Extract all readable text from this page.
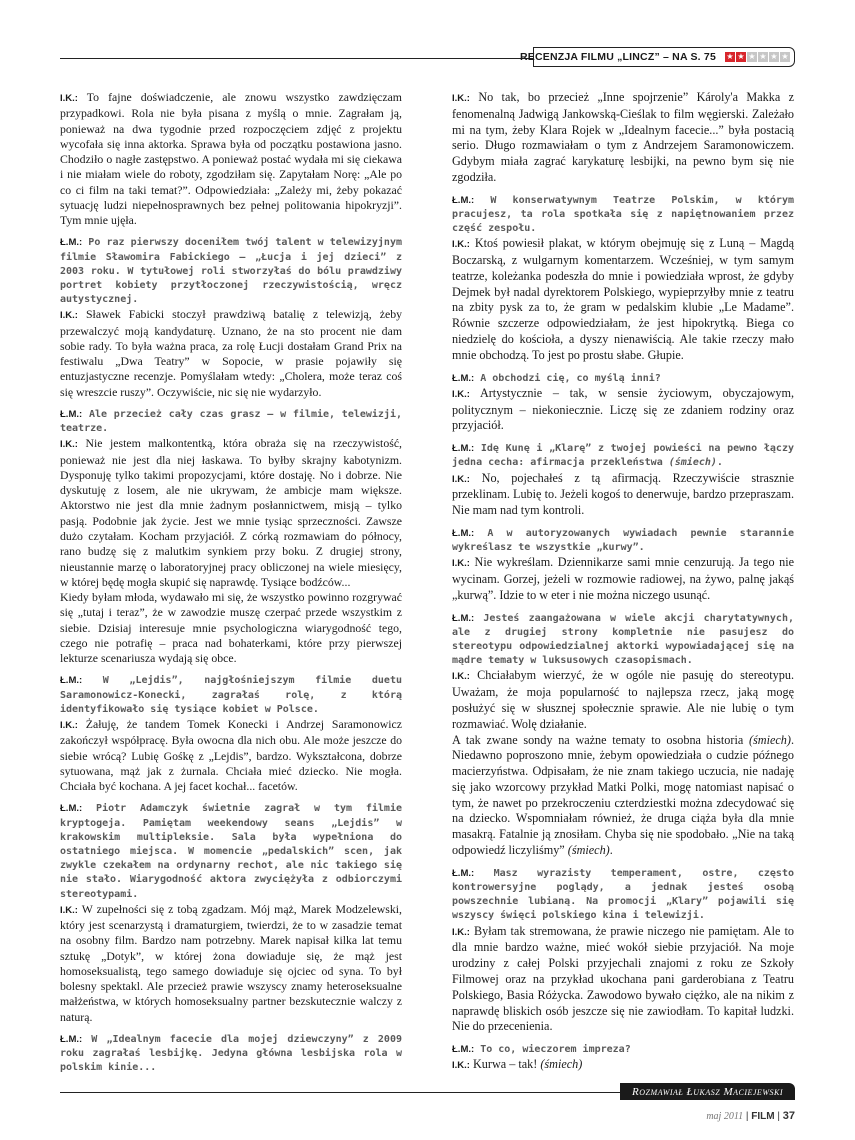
RECENZJA FILMU „LINCZ” – NA S. 75 ★ ★ ★ ★ ★ ★

I.K.: To fajne doświadczenie, ale znowu wszystko zawdzięczam przypadkowi. Rola nie była pisana z myślą o mnie. Zagrałam ją, ponieważ na dwa tygodnie przed rozpoczęciem zdjęć z projektu wycofała się inna aktorka. Sprawa była od początku postawiona jasno. Chodziło o nagłe zastępstwo. A ponieważ postać wydała mi się ciekawa i nie miałam wiele do roboty, zgodziłam się. Zapytałam Norę: „Ale po co ci film na taki temat?”. Odpowiedziała: „Zależy mi, żeby pokazać sytuację ludzi niepełnosprawnych bez pełnej politowania hipokryzji”. Tym mnie ujęła.

Ł.M.: Po raz pierwszy doceniłem twój talent w telewizyjnym filmie Sławomira Fabickiego – „Łucja i jej dzieci” z 2003 roku. W tytułowej roli stworzyłaś do bólu prawdziwy portret kobiety przytłoczonej rzeczywistością, wręcz autystycznej.

I.K.: Sławek Fabicki stoczył prawdziwą batalię z telewizją, żeby przewalczyć moją kandydaturę. Uznano, że na sto procent nie dam sobie rady. To była ważna praca, za rolę Łucji dostałam Grand Prix na festiwalu „Dwa Teatry” w Sopocie, w prasie pojawiły się entuzjastyczne recenzje. Pomyślałam wtedy: „Cholera, może teraz coś się wreszcie ruszy”. Oczywiście, nic się nie wydarzyło.

Ł.M.: Ale przecież cały czas grasz – w filmie, telewizji, teatrze.

I.K.: Nie jestem malkontentką, która obraża się na rzeczywistość, ponieważ nie jest dla niej łaskawa. To byłby skrajny kabotynizm. Dysponuję tylko takimi propozycjami, które dostaję. No i dobrze. Nie dyskutuję z losem, ale nie ukrywam, że ambicje mam większe. Aktorstwo nie jest dla mnie żadnym posłannictwem, misją – tylko pasją. Podobnie jak życie. Jest we mnie tysiąc sprzeczności. Zawsze dużo czytałam. Kocham przyjaciół. Z córką rozmawiam do północy, rano budzę się z malutkim synkiem przy boku. Z drugiej strony, nieustannie marzę o laboratoryjnej pracy obliczonej na wiele miesięcy, w której będę mogła skupić się naprawdę. Tysiące bodźców...

Kiedy byłam młoda, wydawało mi się, że wszystko powinno rozgrywać się „tutaj i teraz”, że w zawodzie muszę czerpać przede wszystkim z siebie. Dzisiaj interesuje mnie psychologiczna wiarygodność tego, czego nie potrafię – praca nad bohaterkami, które przy pierwszej lekturze scenariusza wydają się obce.

Ł.M.: W „Lejdis”, najgłośniejszym filmie duetu Saramonowicz-Konecki, zagrałaś rolę, z którą identyfikowało się tysiące kobiet w Polsce.

I.K.: Żałuję, że tandem Tomek Konecki i Andrzej Saramonowicz zakończył współpracę. Była owocna dla nich obu. Ale może jeszcze do siebie wrócą? Lubię Gośkę z „Lejdis”, bardzo. Wykształcona, dobrze sytuowana, mąż jak z żurnala. Chciała mieć dziecko. Nie mogła. Chciała być kochana. A jej facet kochał... facetów.

Ł.M.: Piotr Adamczyk świetnie zagrał w tym filmie kryptogeja. Pamiętam weekendowy seans „Lejdis” w krakowskim multipleksie. Sala była wypełniona do ostatniego miejsca. W momencie „pedalskich” scen, jak zwykle czekałem na ordynarny rechot, ale nic takiego się nie stało. Wiarygodność aktora zwyciężyła z odbiorczymi stereotypami.

I.K.: W zupełności się z tobą zgadzam. Mój mąż, Marek Modzelewski, który jest scenarzystą i dramaturgiem, twierdzi, że to w zasadzie temat na osobny film. Bardzo nam potrzebny. Marek napisał kilka lat temu sztukę „Dotyk”, w której żona dowiaduje się, że mąż jest homoseksualistą, tego samego dowiaduje się ojciec od syna. To był bolesny spektakl. Ale przecież prawie wszyscy znamy heteroseksualne małżeństwa, w których homoseksualny partner bezskutecznie walczy z naturą.

Ł.M.: W „Idealnym facecie dla mojej dziewczyny” z 2009 roku zagrałaś lesbijkę. Jedyna główna lesbijska rola w polskim kinie...

I.K.: No tak, bo przecież „Inne spojrzenie” Károly'a Makka z fenomenalną Jadwigą Jankowską-Cieślak to film węgierski. Zależało mi na tym, żeby Klara Rojek w „Idealnym facecie...” była postacią serio. Długo rozmawiałam o tym z Andrzejem Saramonowiczem. Gdybym miała zagrać karykaturę lesbijki, na pewno bym się nie zgodziła.

Ł.M.: W konserwatywnym Teatrze Polskim, w którym pracujesz, ta rola spotkała się z napiętnowaniem przez część zespołu.

I.K.: Ktoś powiesił plakat, w którym obejmuję się z Luną – Magdą Boczarską, z wulgarnym komentarzem. Wcześniej, w tym samym teatrze, koleżanka podeszła do mnie i powiedziała wprost, że gdyby Dejmek był nadal dyrektorem Polskiego, wypieprzyłby mnie z teatru na zbity pysk za to, że gram w pedalskim klubie „Le Madame”. Równie szczerze odpowiedziałam, że jest hipokrytką. Biega co niedzielę do kościoła, a dyszy nienawiścią. Ale takie rzeczy mało mnie obchodzą. To jest po prostu słabe. Głupie.

Ł.M.: A obchodzi cię, co myślą inni?

I.K.: Artystycznie – tak, w sensie życiowym, obyczajowym, politycznym – niekoniecznie. Liczę się ze zdaniem rodziny oraz przyjaciół.

Ł.M.: Idę Kunę i „Klarę” z twojej powieści na pewno łączy jedna cecha: afirmacja przekleństwa (śmiech).

I.K.: No, pojechałeś z tą afirmacją. Rzeczywiście strasznie przeklinam. Lubię to. Jeżeli kogoś to denerwuje, bardzo przepraszam. Nie mam nad tym kontroli.

Ł.M.: A w autoryzowanych wywiadach pewnie starannie wykreślasz te wszystkie „kurwy”.

I.K.: Nie wykreślam. Dziennikarze sami mnie cenzurują. Ja tego nie wycinam. Gorzej, jeżeli w rozmowie radiowej, na żywo, palnę jakąś „kurwą”. Idzie to w eter i nie można niczego usunąć.

Ł.M.: Jesteś zaangażowana w wiele akcji charytatywnych, ale z drugiej strony kompletnie nie pasujesz do stereotypu odpowiedzialnej aktorki wypowiadającej się na mądre tematy w luksusowych czasopismach.

I.K.: Chciałabym wierzyć, że w ogóle nie pasuję do stereotypu. Uważam, że moja popularność to najlepsza rzecz, jaką mogę posłużyć się w słusznej społecznie sprawie. Ale nie lubię o tym rozmawiać. Wolę działanie.

A tak zwane sondy na ważne tematy to osobna historia (śmiech). Niedawno poproszono mnie, żebym opowiedziała o cudzie późnego macierzyństwa. Odpisałam, że nie znam takiego uczucia, nie nadaję się jako wzorcowy przykład Matki Polki, mogę natomiast napisać o tym, że nawet po przekroczeniu czterdziestki można zdecydować się na dziecko. Wspomniałam również, że druga ciąża była dla mnie masakrą. Fatalnie ją znosiłam. Chyba się nie spodobało. „Nie na taką odpowiedź liczyliśmy” (śmiech).

Ł.M.: Masz wyrazisty temperament, ostre, często kontrowersyjne poglądy, a jednak jesteś osobą powszechnie lubianą. Na promocji „Klary” pojawili się wszyscy święci polskiego kina i telewizji.

I.K.: Byłam tak stremowana, że prawie niczego nie pamiętam. Ale to dla mnie bardzo ważne, mieć wokół siebie przyjaciół. Na moje urodziny z całej Polski przyjechali znajomi z roku ze Szkoły Filmowej oraz na przykład ukochana pani garderobiana z Teatru Polskiego, Basia Różycka. Zawodowo bywało ciężko, ale na nikim z naprawdę bliskich osób jeszcze się nie zawiodłam. To kapitał ludzki. Nie do przecenienia.

Ł.M.: To co, wieczorem impreza?

I.K.: Kurwa – tak! (śmiech)

Rozmawiał Łukasz Maciejewski
maj 2011 | FILM | 37
